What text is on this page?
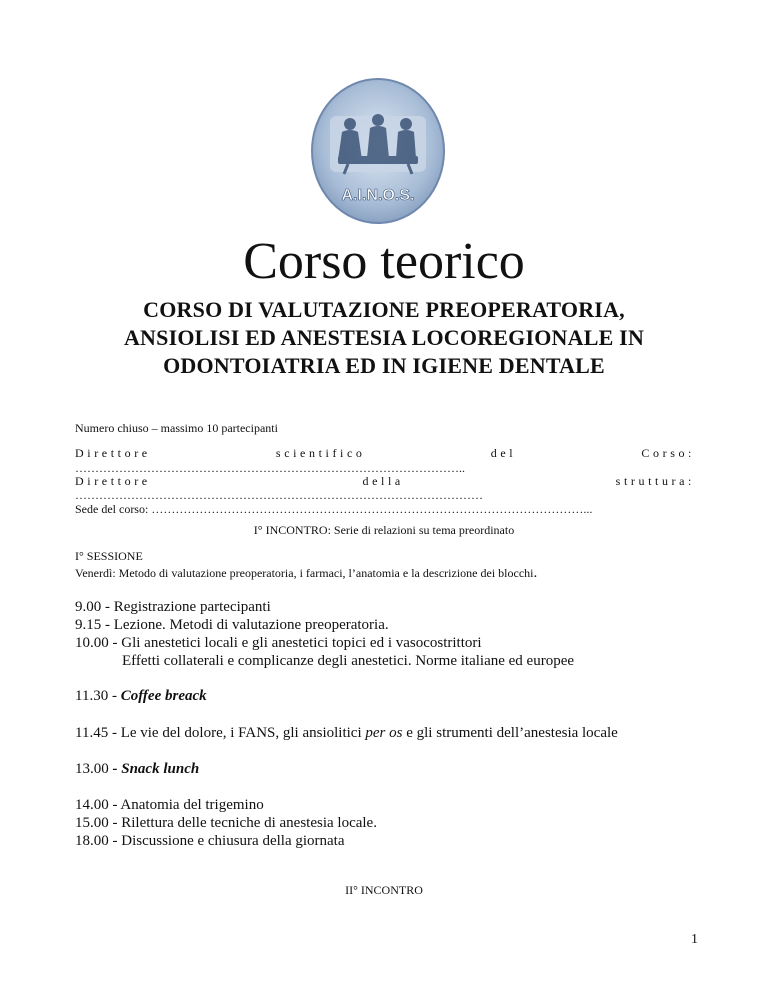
A.I.N.O.S.
Corso teorico
CORSO DI VALUTAZIONE PREOPERATORIA,
ANSIOLISI ED ANESTESIA LOCOREGIONALE IN
ODONTOIATRIA ED IN IGIENE DENTALE
Numero chiuso – massimo 10 partecipanti
Direttore	scientifico	del	Corso:
……………………………………………………………………………………..
Direttore	della	struttura:
…………………………………………………………………………………………
Sede del corso: ………………………………………………………………………………………………...
I° INCONTRO: Serie di relazioni su tema preordinato
I° SESSIONE
Venerdì: Metodo di valutazione preoperatoria, i farmaci, l’anatomia e la descrizione dei blocchi.
9.00 - Registrazione partecipanti
9.15 - Lezione. Metodi di valutazione preoperatoria.
10.00 - Gli anestetici locali e gli anestetici topici ed i vasocostrittori
Effetti collaterali e complicanze degli anestetici. Norme italiane ed europee
11.30 - Coffee breack
11.45 - Le vie del dolore, i FANS, gli ansiolitici per os e gli strumenti dell’anestesia locale
13.00 - Snack lunch
14.00 - Anatomia del trigemino
15.00 - Rilettura delle tecniche di anestesia locale.
18.00 - Discussione e chiusura della giornata
II° INCONTRO
1
